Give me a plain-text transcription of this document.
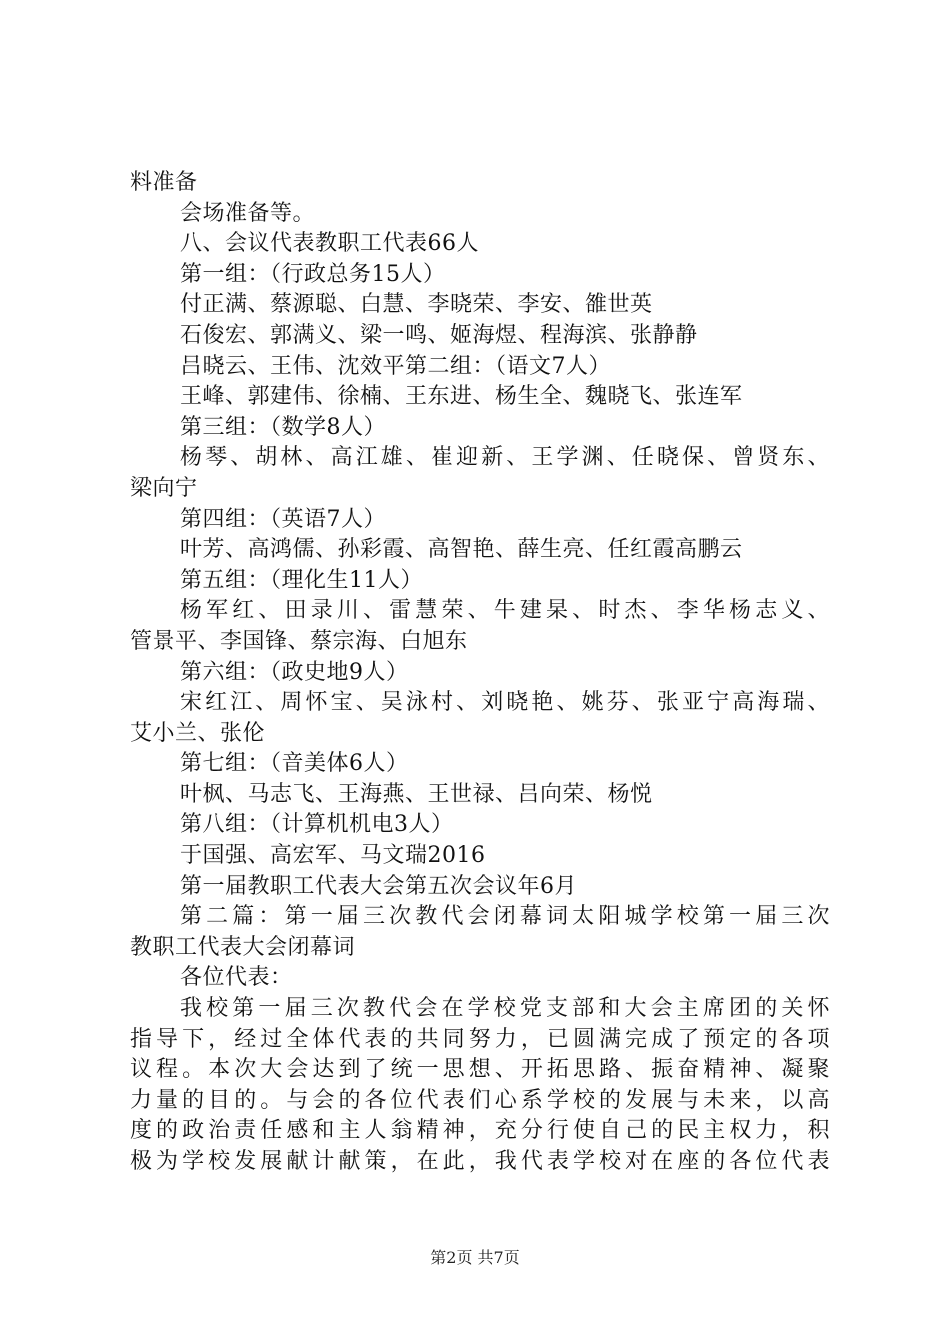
料准备
会场准备等。
八、会议代表教职工代表66人
第一组：（行政总务15人）
付正满、蔡源聪、白慧、李晓荣、李安、雒世英
石俊宏、郭满义、梁一鸣、姬海煜、程海滨、张静静
吕晓云、王伟、沈效平第二组：（语文7人）
王峰、郭建伟、徐楠、王东进、杨生全、魏晓飞、张连军
第三组：（数学8人）
杨琴、胡林、高江雄、崔迎新、王学渊、任晓保、曾贤东、
梁向宁
第四组：（英语7人）
叶芳、高鸿儒、孙彩霞、高智艳、薛生亮、任红霞高鹏云
第五组：（理化生11人）
杨军红、田录川、雷慧荣、牛建杲、时杰、李华杨志义、
管景平、李国锋、蔡宗海、白旭东
第六组：（政史地9人）
宋红江、周怀宝、吴泳村、刘晓艳、姚芬、张亚宁高海瑞、
艾小兰、张伦
第七组：（音美体6人）
叶枫、马志飞、王海燕、王世禄、吕向荣、杨悦
第八组：（计算机机电3人）
于国强、高宏军、马文瑞2016
第一届教职工代表大会第五次会议年6月
第二篇：第一届三次教代会闭幕词太阳城学校第一届三次
教职工代表大会闭幕词
各位代表：
我校第一届三次教代会在学校党支部和大会主席团的关怀
指导下，经过全体代表的共同努力，已圆满完成了预定的各项
议程。本次大会达到了统一思想、开拓思路、振奋精神、凝聚
力量的目的。与会的各位代表们心系学校的发展与未来，以高
度的政治责任感和主人翁精神，充分行使自己的民主权力，积
极为学校发展献计献策，在此，我代表学校对在座的各位代表
第2页 共7页
